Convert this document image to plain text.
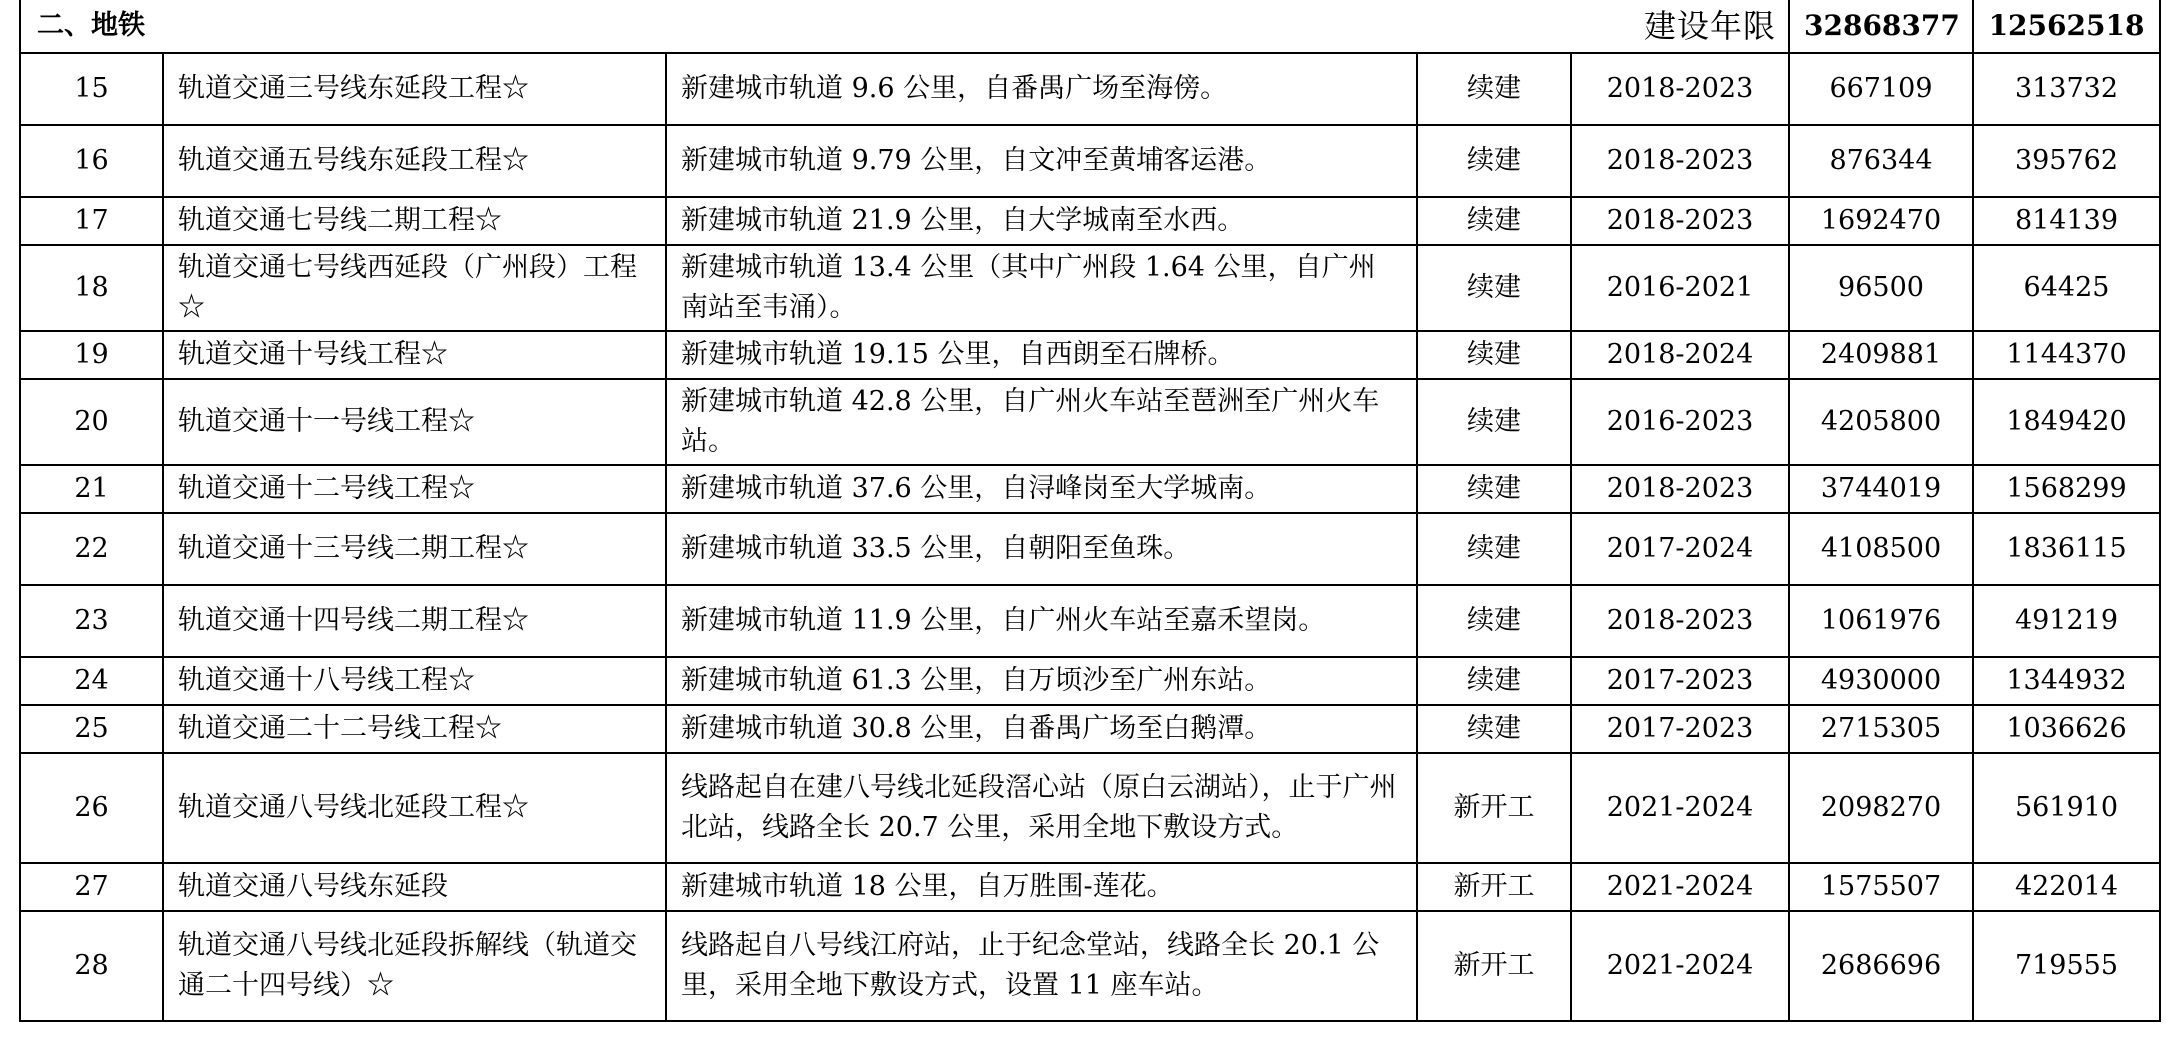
二、地铁				建设年限	32868377	12562518
15	轨道交通三号线东延段工程☆	新建城市轨道 9.6 公里，自番禺广场至海傍。	续建	2018-2023	667109	313732
16	轨道交通五号线东延段工程☆	新建城市轨道 9.79 公里，自文冲至黄埔客运港。	续建	2018-2023	876344	395762
17	轨道交通七号线二期工程☆	新建城市轨道 21.9 公里，自大学城南至水西。	续建	2018-2023	1692470	814139
18	轨道交通七号线西延段（广州段）工程☆	新建城市轨道 13.4 公里（其中广州段 1.64 公里，自广州南站至韦涌）。	续建	2016-2021	96500	64425
19	轨道交通十号线工程☆	新建城市轨道 19.15 公里，自西朗至石牌桥。	续建	2018-2024	2409881	1144370
20	轨道交通十一号线工程☆	新建城市轨道 42.8 公里，自广州火车站至琶洲至广州火车站。	续建	2016-2023	4205800	1849420
21	轨道交通十二号线工程☆	新建城市轨道 37.6 公里，自浔峰岗至大学城南。	续建	2018-2023	3744019	1568299
22	轨道交通十三号线二期工程☆	新建城市轨道 33.5 公里，自朝阳至鱼珠。	续建	2017-2024	4108500	1836115
23	轨道交通十四号线二期工程☆	新建城市轨道 11.9 公里，自广州火车站至嘉禾望岗。	续建	2018-2023	1061976	491219
24	轨道交通十八号线工程☆	新建城市轨道 61.3 公里，自万顷沙至广州东站。	续建	2017-2023	4930000	1344932
25	轨道交通二十二号线工程☆	新建城市轨道 30.8 公里，自番禺广场至白鹅潭。	续建	2017-2023	2715305	1036626
26	轨道交通八号线北延段工程☆	线路起自在建八号线北延段滘心站（原白云湖站），止于广州北站，线路全长 20.7 公里，采用全地下敷设方式。	新开工	2021-2024	2098270	561910
27	轨道交通八号线东延段	新建城市轨道 18 公里，自万胜围-莲花。	新开工	2021-2024	1575507	422014
28	轨道交通八号线北延段拆解线（轨道交通二十四号线）☆	线路起自八号线江府站，止于纪念堂站，线路全长 20.1 公里，采用全地下敷设方式，设置 11 座车站。	新开工	2021-2024	2686696	719555
